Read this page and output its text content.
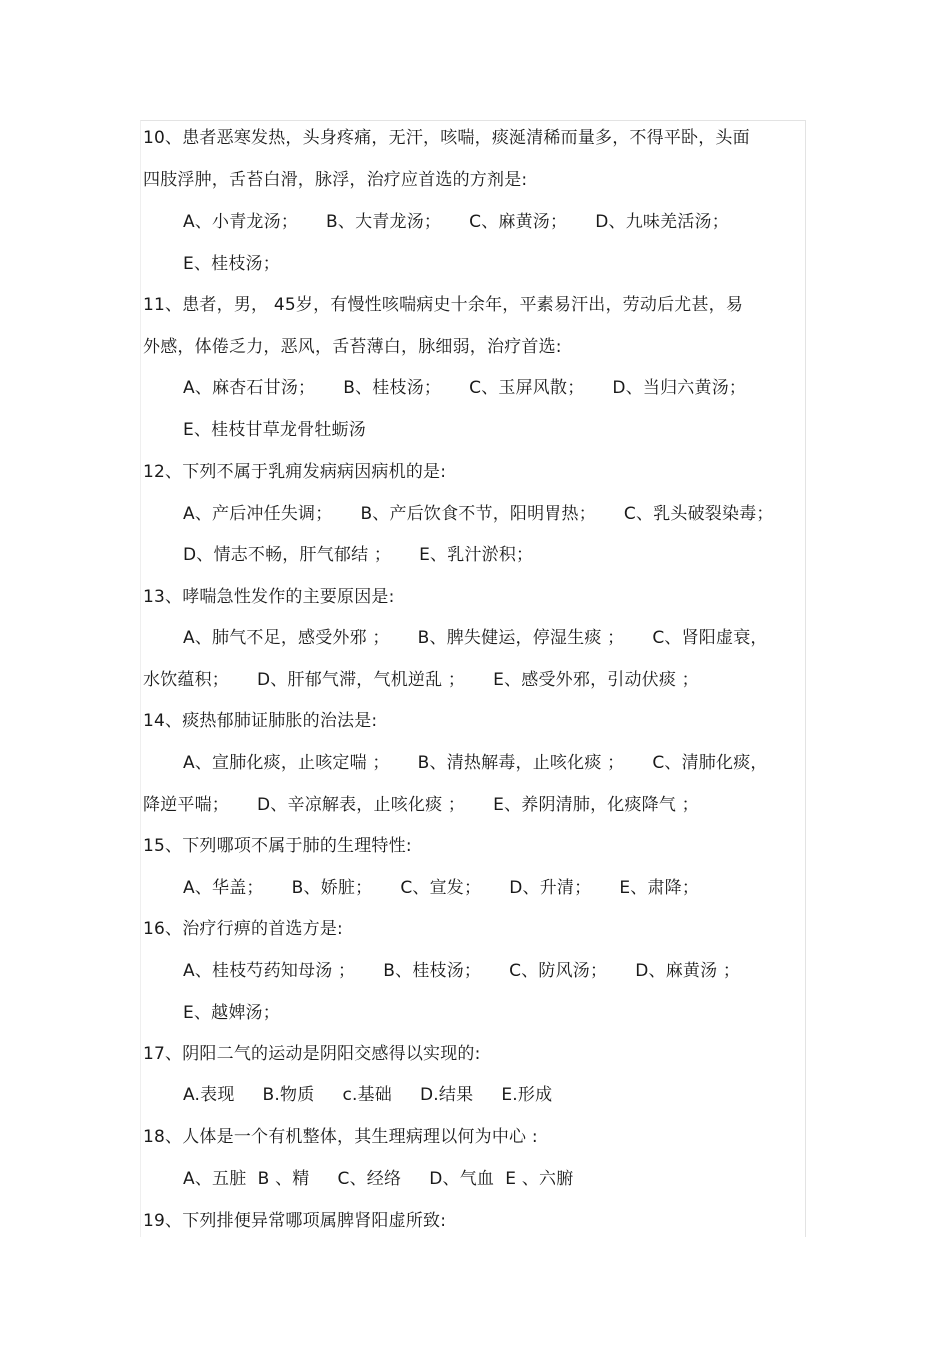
10、患者恶寒发热，头身疼痛，无汗，咳喘，痰涎清稀而量多，不得平卧，头面
四肢浮肿，舌苔白滑，脉浮，治疗应首选的方剂是:
A、小青龙汤；     B、大青龙汤；     C、麻黄汤；     D、九味羌活汤；
E、桂枝汤；
11、患者，男， 45岁，有慢性咳喘病史十余年，平素易汗出，劳动后尤甚，易
外感，体倦乏力，恶风，舌苔薄白，脉细弱，治疗首选:
A、麻杏石甘汤；     B、桂枝汤；     C、玉屏风散；     D、当归六黄汤；
E、桂枝甘草龙骨牡蛎汤
12、下列不属于乳痈发病病因病机的是:
A、产后冲任失调；     B、产后饮食不节，阳明胃热；     C、乳头破裂染毒；
D、情志不畅，肝气郁结 ；     E、乳汁淤积；
13、哮喘急性发作的主要原因是:
A、肺气不足，感受外邪 ；     B、脾失健运，停湿生痰 ；     C、肾阳虚衰，
水饮蕴积；     D、肝郁气滞，气机逆乱 ；     E、感受外邪，引动伏痰 ；
14、痰热郁肺证肺胀的治法是:
A、宣肺化痰，止咳定喘 ；     B、清热解毒，止咳化痰 ；     C、清肺化痰，
降逆平喘；     D、辛凉解表，止咳化痰 ；     E、养阴清肺，化痰降气 ；
15、下列哪项不属于肺的生理特性:
A、华盖；     B、娇脏；     C、宣发；     D、升清；     E、肃降；
16、治疗行痹的首选方是:
A、桂枝芍药知母汤 ；     B、桂枝汤；     C、防风汤；     D、麻黄汤 ；
E、越婢汤；
17、阴阳二气的运动是阴阳交感得以实现的:
A.表现     B.物质     c.基础     D.结果     E.形成
18、人体是一个有机整体，其生理病理以何为中心 :
A、五脏  B 、精     C、经络     D、气血  E 、六腑
19、下列排便异常哪项属脾肾阳虚所致:
